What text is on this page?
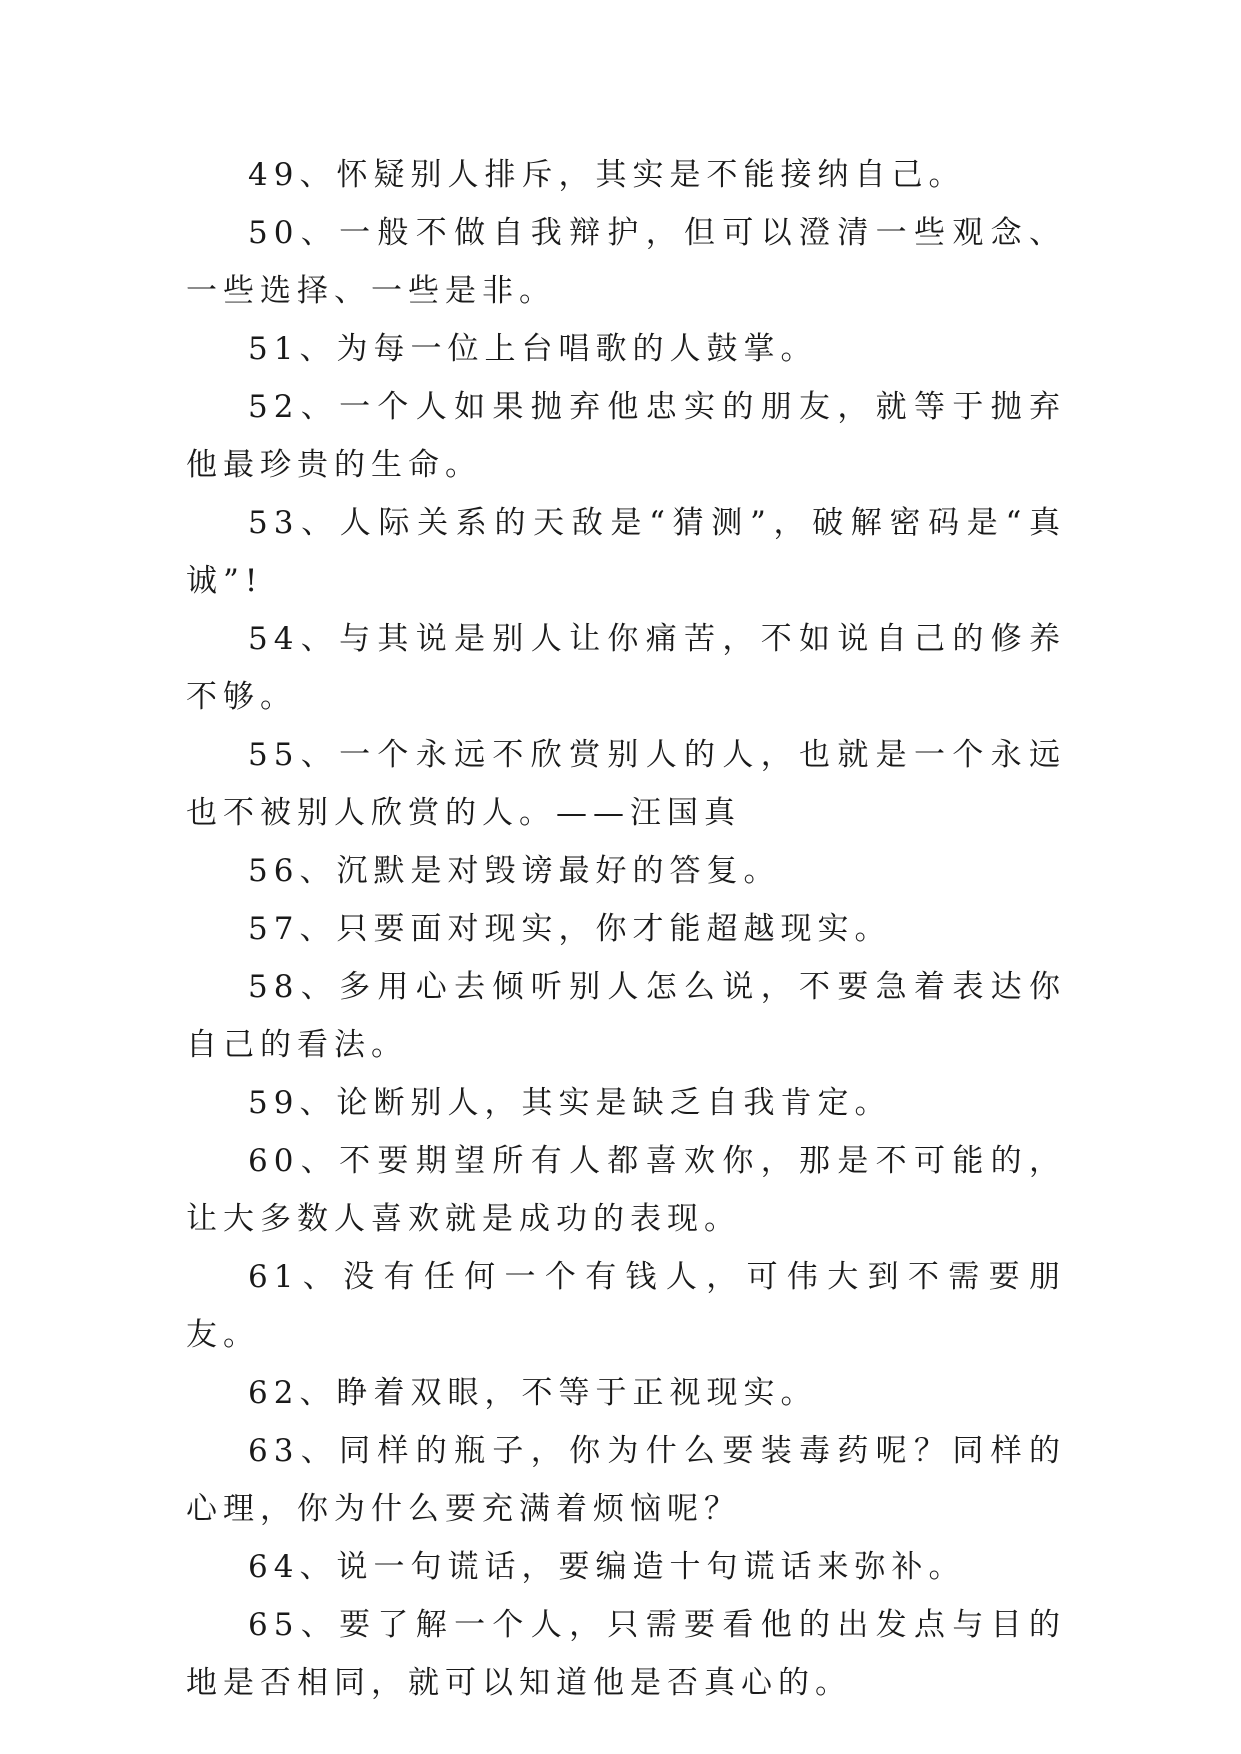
49、怀疑别人排斥，其实是不能接纳自己。

50、一般不做自我辩护，但可以澄清一些观念、一些选择、一些是非。

51、为每一位上台唱歌的人鼓掌。

52、一个人如果抛弃他忠实的朋友，就等于抛弃他最珍贵的生命。

53、人际关系的天敌是“猜测”，破解密码是“真诚”!

54、与其说是别人让你痛苦，不如说自己的修养不够。

55、一个永远不欣赏别人的人，也就是一个永远也不被别人欣赏的人。——汪国真

56、沉默是对毁谤最好的答复。

57、只要面对现实，你才能超越现实。

58、多用心去倾听别人怎么说，不要急着表达你自己的看法。

59、论断别人，其实是缺乏自我肯定。

60、不要期望所有人都喜欢你，那是不可能的，让大多数人喜欢就是成功的表现。

61、没有任何一个有钱人，可伟大到不需要朋友。

62、睁着双眼，不等于正视现实。

63、同样的瓶子，你为什么要装毒药呢？同样的心理，你为什么要充满着烦恼呢？

64、说一句谎话，要编造十句谎话来弥补。

65、要了解一个人，只需要看他的出发点与目的地是否相同，就可以知道他是否真心的。
